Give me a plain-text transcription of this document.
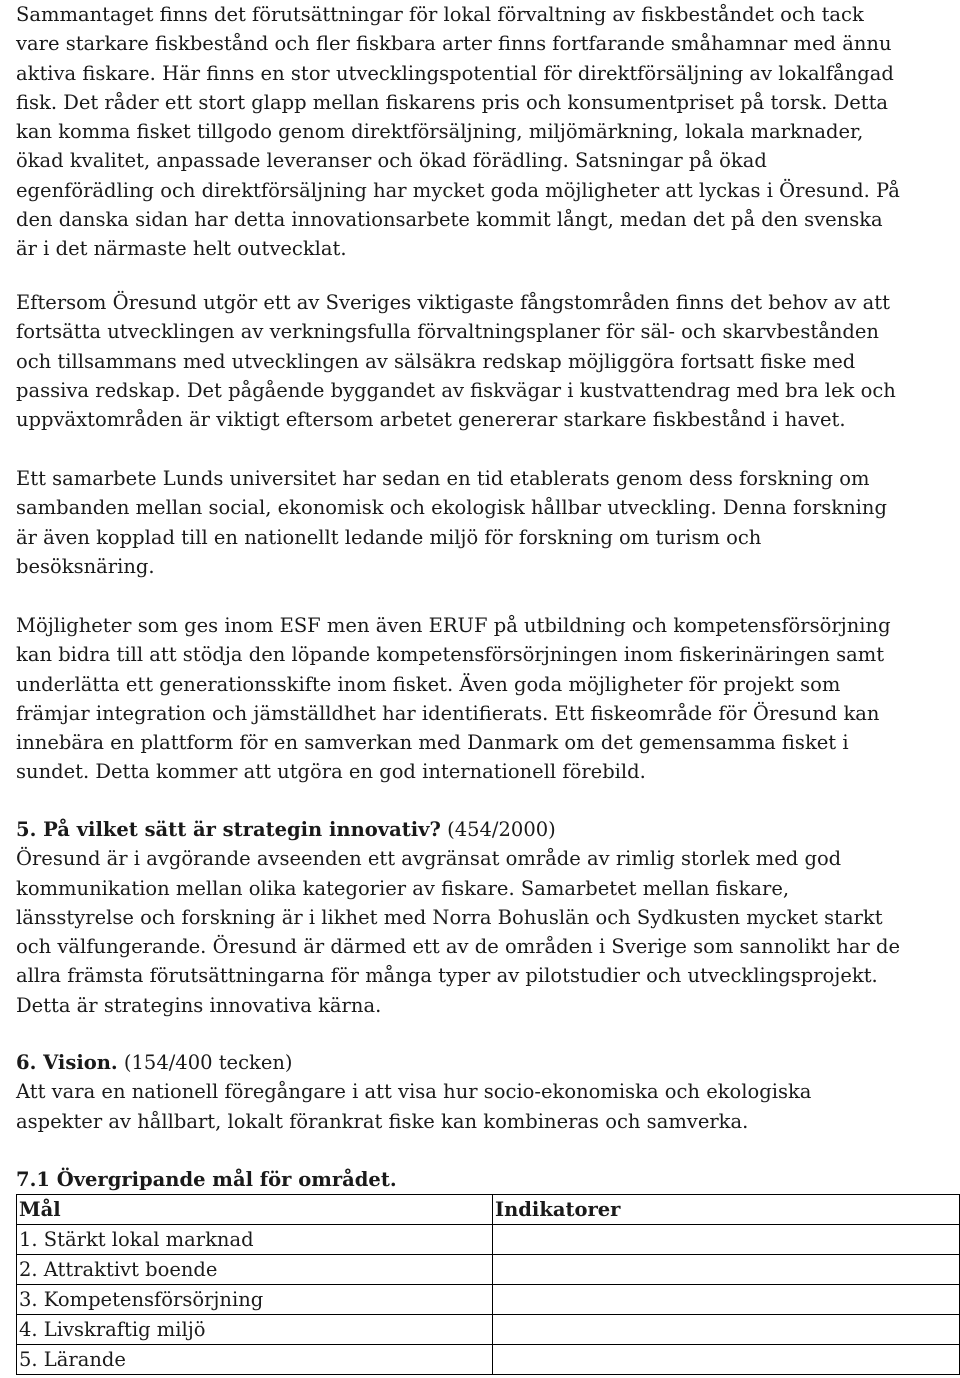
Sammantaget finns det förutsättningar för lokal förvaltning av fiskbeståndet och tack
vare starkare fiskbestånd och fler fiskbara arter finns fortfarande småhamnar med ännu
aktiva fiskare. Här finns en stor utvecklingspotential för direktförsäljning av lokalfångad
fisk. Det råder ett stort glapp mellan fiskarens pris och konsumentpriset på torsk. Detta
kan komma fisket tillgodo genom direktförsäljning, miljömärkning, lokala marknader,
ökad kvalitet, anpassade leveranser och ökad förädling. Satsningar på ökad
egenförädling och direktförsäljning har mycket goda möjligheter att lyckas i Öresund. På
den danska sidan har detta innovationsarbete kommit långt, medan det på den svenska
är i det närmaste helt outvecklat.

Eftersom Öresund utgör ett av Sveriges viktigaste fångstområden finns det behov av att
fortsätta utvecklingen av verkningsfulla förvaltningsplaner för säl- och skarvbestånden
och tillsammans med utvecklingen av sälsäkra redskap möjliggöra fortsatt fiske med
passiva redskap. Det pågående byggandet av fiskvägar i kustvattendrag med bra lek och
uppväxtområden är viktigt eftersom arbetet genererar starkare fiskbestånd i havet.

Ett samarbete Lunds universitet har sedan en tid etablerats genom dess forskning om
sambanden mellan social, ekonomisk och ekologisk hållbar utveckling. Denna forskning
är även kopplad till en nationellt ledande miljö för forskning om turism och
besöksnäring.

Möjligheter som ges inom ESF men även ERUF på utbildning och kompetensförsörjning
kan bidra till att stödja den löpande kompetensförsörjningen inom fiskerinäringen samt
underlätta ett generationsskifte inom fisket. Även goda möjligheter för projekt som
främjar integration och jämställdhet har identifierats. Ett fiskeområde för Öresund kan
innebära en plattform för en samverkan med Danmark om det gemensamma fisket i
sundet. Detta kommer att utgöra en god internationell förebild.

5. På vilket sätt är strategin innovativ? (454/2000)

Öresund är i avgörande avseenden ett avgränsat område av rimlig storlek med god
kommunikation mellan olika kategorier av fiskare. Samarbetet mellan fiskare,
länsstyrelse och forskning är i likhet med Norra Bohuslän och Sydkusten mycket starkt
och välfungerande. Öresund är därmed ett av de områden i Sverige som sannolikt har de
allra främsta förutsättningarna för många typer av pilotstudier och utvecklingsprojekt.
Detta är strategins innovativa kärna.

6. Vision. (154/400 tecken)

Att vara en nationell föregångare i att visa hur socio-ekonomiska och ekologiska
aspekter av hållbart, lokalt förankrat fiske kan kombineras och samverka.

7.1 Övergripande mål för området.

Mål	Indikatorer
1. Stärkt lokal marknad	
2. Attraktivt boende	
3. Kompetensförsörjning	
4. Livskraftig miljö	
5. Lärande	
